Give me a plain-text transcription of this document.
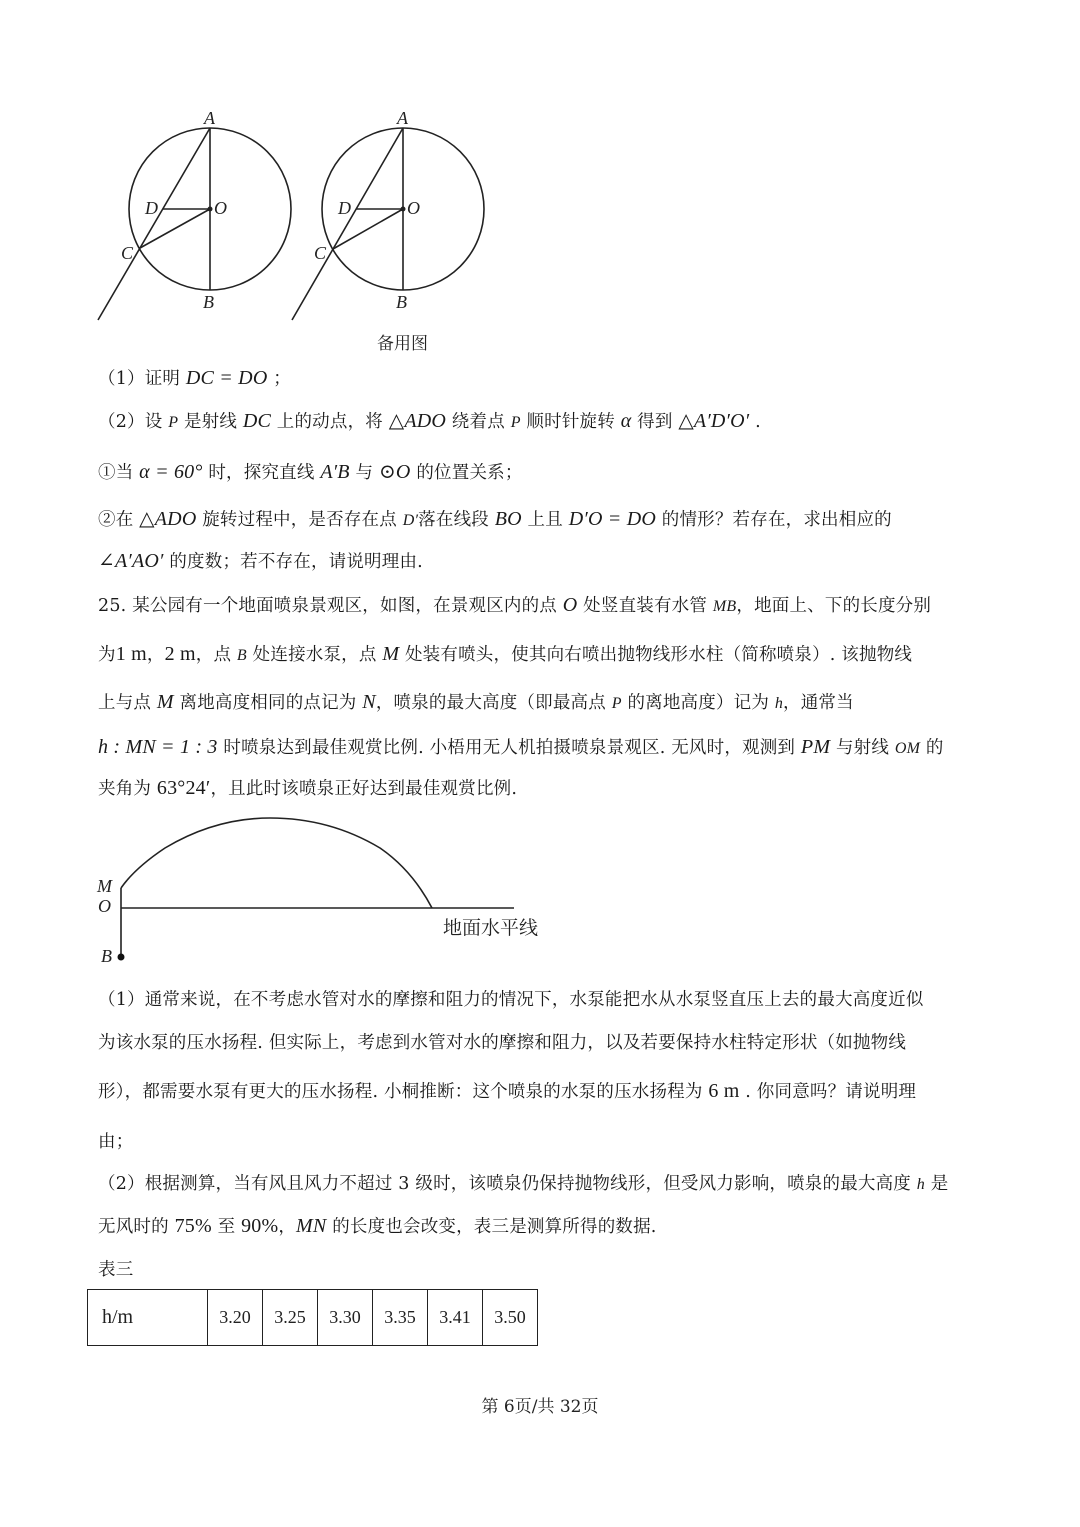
A
D	O
C
B
A
D	O
C
B
备用图
（1）证明 DC = DO ；
（2）设 P 是射线 DC 上的动点，将 △ADO 绕着点 P 顺时针旋转 α 得到 △A′D′O′ .
①当 α = 60° 时，探究直线 A′B 与 ⊙O 的位置关系；
②在 △ADO 旋转过程中，是否存在点 D′落在线段 BO 上且 D′O = DO 的情形？若存在，求出相应的
∠A′AO′ 的度数；若不存在，请说明理由.
25. 某公园有一个地面喷泉景观区，如图，在景观区内的点 O 处竖直装有水管 MB，地面上、下的长度分别
为1 m，2 m，点 B 处连接水泵，点 M 处装有喷头，使其向右喷出抛物线形水柱（简称喷泉）. 该抛物线
上与点 M 离地高度相同的点记为 N，喷泉的最大高度（即最高点 P 的离地高度）记为 h，通常当
h : MN = 1 : 3 时喷泉达到最佳观赏比例. 小梧用无人机拍摄喷泉景观区. 无风时，观测到 PM 与射线 OM 的
夹角为 63°24′，且此时该喷泉正好达到最佳观赏比例.
M
O
B
地面水平线
（1）通常来说，在不考虑水管对水的摩擦和阻力的情况下，水泵能把水从水泵竖直压上去的最大高度近似
为该水泵的压水扬程. 但实际上，考虑到水管对水的摩擦和阻力，以及若要保持水柱特定形状（如抛物线
形），都需要水泵有更大的压水扬程. 小桐推断：这个喷泉的水泵的压水扬程为 6 m . 你同意吗？请说明理
由；
（2）根据测算，当有风且风力不超过 3 级时，该喷泉仍保持抛物线形，但受风力影响，喷泉的最大高度 h 是
无风时的 75% 至 90%，MN 的长度也会改变，表三是测算所得的数据.
表三
h/m	3.20	3.25	3.30	3.35	3.41	3.50
第 6页/共 32页
